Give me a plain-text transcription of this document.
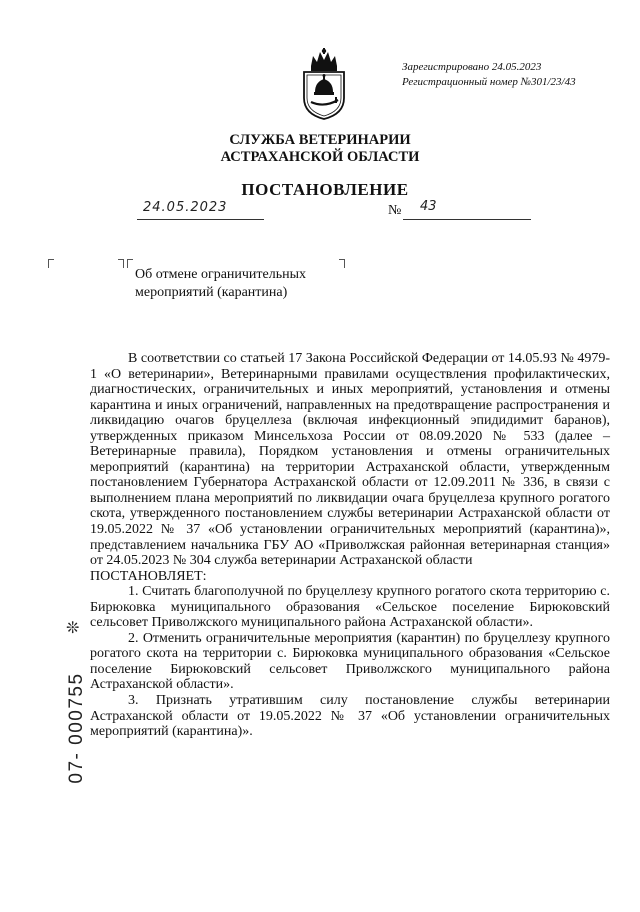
Зарегистрировано 24.05.2023
Регистрационный номер №301/23/43
СЛУЖБА ВЕТЕРИНАРИИ
АСТРАХАНСКОЙ ОБЛАСТИ
ПОСТАНОВЛЕНИЕ
24.05.2023	№ 43
Об отмене ограничительных
мероприятий (карантина)

В соответствии со статьей 17 Закона Российской Федерации от 14.05.93 № 4979-1 «О ветеринарии», Ветеринарными правилами осуществления профилактических, диагностических, ограничительных и иных мероприятий, установления и отмены карантина и иных ограничений, направленных на предотвращение распространения и ликвидацию очагов бруцеллеза (включая инфекционный эпидидимит баранов), утвержденных приказом Минсельхоза России от 08.09.2020 № 533 (далее – Ветеринарные правила), Порядком установления и отмены ограничительных мероприятий (карантина) на территории Астраханской области, утвержденным постановлением Губернатора Астраханской области от 12.09.2011 № 336, в связи с выполнением плана мероприятий по ликвидации очага бруцеллеза крупного рогатого скота, утвержденного постановлением службы ветеринарии Астраханской области от 19.05.2022 № 37 «Об установлении ограничительных мероприятий (карантина)», представлением начальника ГБУ АО «Приволжская районная ветеринарная станция» от 24.05.2023 № 304 служба ветеринарии Астраханской области

ПОСТАНОВЛЯЕТ:

1. Считать благополучной по бруцеллезу крупного рогатого скота территорию с. Бирюковка муниципального образования «Сельское поселение Бирюковский сельсовет Приволжского муниципального района Астраханской области».

2. Отменить ограничительные мероприятия (карантин) по бруцеллезу крупного рогатого скота на территории с. Бирюковка муниципального образования «Сельское поселение Бирюковский сельсовет Приволжского муниципального района Астраханской области».

3. Признать утратившим силу постановление службы ветеринарии Астраханской области от 19.05.2022 № 37 «Об установлении ограничительных мероприятий (карантина)».

❊
07- 000755
